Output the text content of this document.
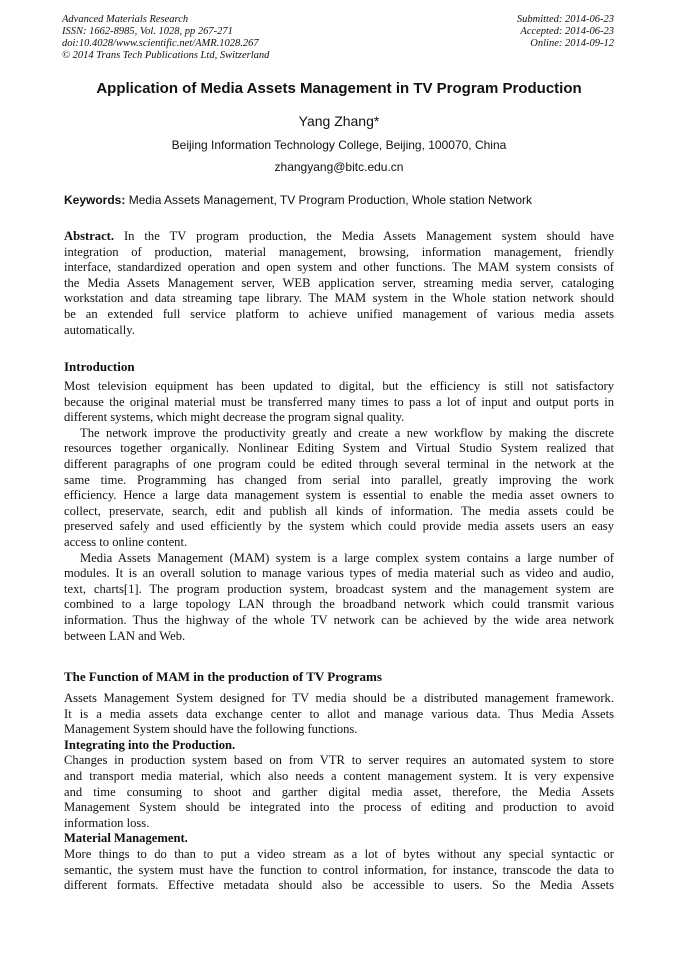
Advanced Materials Research
ISSN: 1662-8985, Vol. 1028, pp 267-271
doi:10.4028/www.scientific.net/AMR.1028.267
© 2014 Trans Tech Publications Ltd, Switzerland
Submitted: 2014-06-23
Accepted: 2014-06-23
Online: 2014-09-12
Application of Media Assets Management in TV Program Production
Yang Zhang*
Beijing Information Technology College, Beijing, 100070, China
zhangyang@bitc.edu.cn
Keywords: Media Assets Management, TV Program Production, Whole station Network
Abstract. In the TV program production, the Media Assets Management system should have
integration of production, material management, browsing, information management, friendly
interface, standardized operation and open system and other functions. The MAM system consists of
the Media Assets Management server, WEB application server, streaming media server, cataloging
workstation and data streaming tape library. The MAM system in the Whole station network should
be an extended full service platform to achieve unified management of various media assets
automatically.
Introduction
Most television equipment has been updated to digital, but the efficiency is still not satisfactory
because the original material must be transferred many times to pass a lot of input and output ports in
different systems, which might decrease the program signal quality.
The network improve the productivity greatly and create a new workflow by making the discrete
resources together organically. Nonlinear Editing System and Virtual Studio System realized that
different paragraphs of one program could be edited through several terminal in the network at the
same time. Programming has changed from serial into parallel, greatly improving the work
efficiency. Hence a large data management system is essential to enable the media asset owners to
collect, preservate, search, edit and publish all kinds of information. The media assets could be
preserved safely and used efficiently by the system which could provide media assets users an easy
access to online content.
Media Assets Management (MAM) system is a large complex system contains a large number of
modules. It is an overall solution to manage various types of media material such as video and audio,
text, charts[1]. The program production system, broadcast system and the management system are
combined to a large topology LAN through the broadband network which could transmit various
information. Thus the highway of the whole TV network can be achieved by the wide area network
between LAN and Web.
The Function of MAM in the production of TV Programs
Assets Management System designed for TV media should be a distributed management framework.
It is a media assets data exchange center to allot and manage various data. Thus Media Assets
Management System should have the following functions.
Integrating into the Production.
Changes in production system based on from VTR to server requires an automated system to store
and transport media material, which also needs a content management system. It is very expensive
and time consuming to shoot and garther digital media asset, therefore, the Media Assets
Management System should be integrated into the process of editing and production to avoid
information loss.
Material Management.
More things to do than to put a video stream as a lot of bytes without any special syntactic or
semantic, the system must have the function to control information, for instance, transcode the data to
different formats. Effective metadata should also be accessible to users. So the Media Assets
